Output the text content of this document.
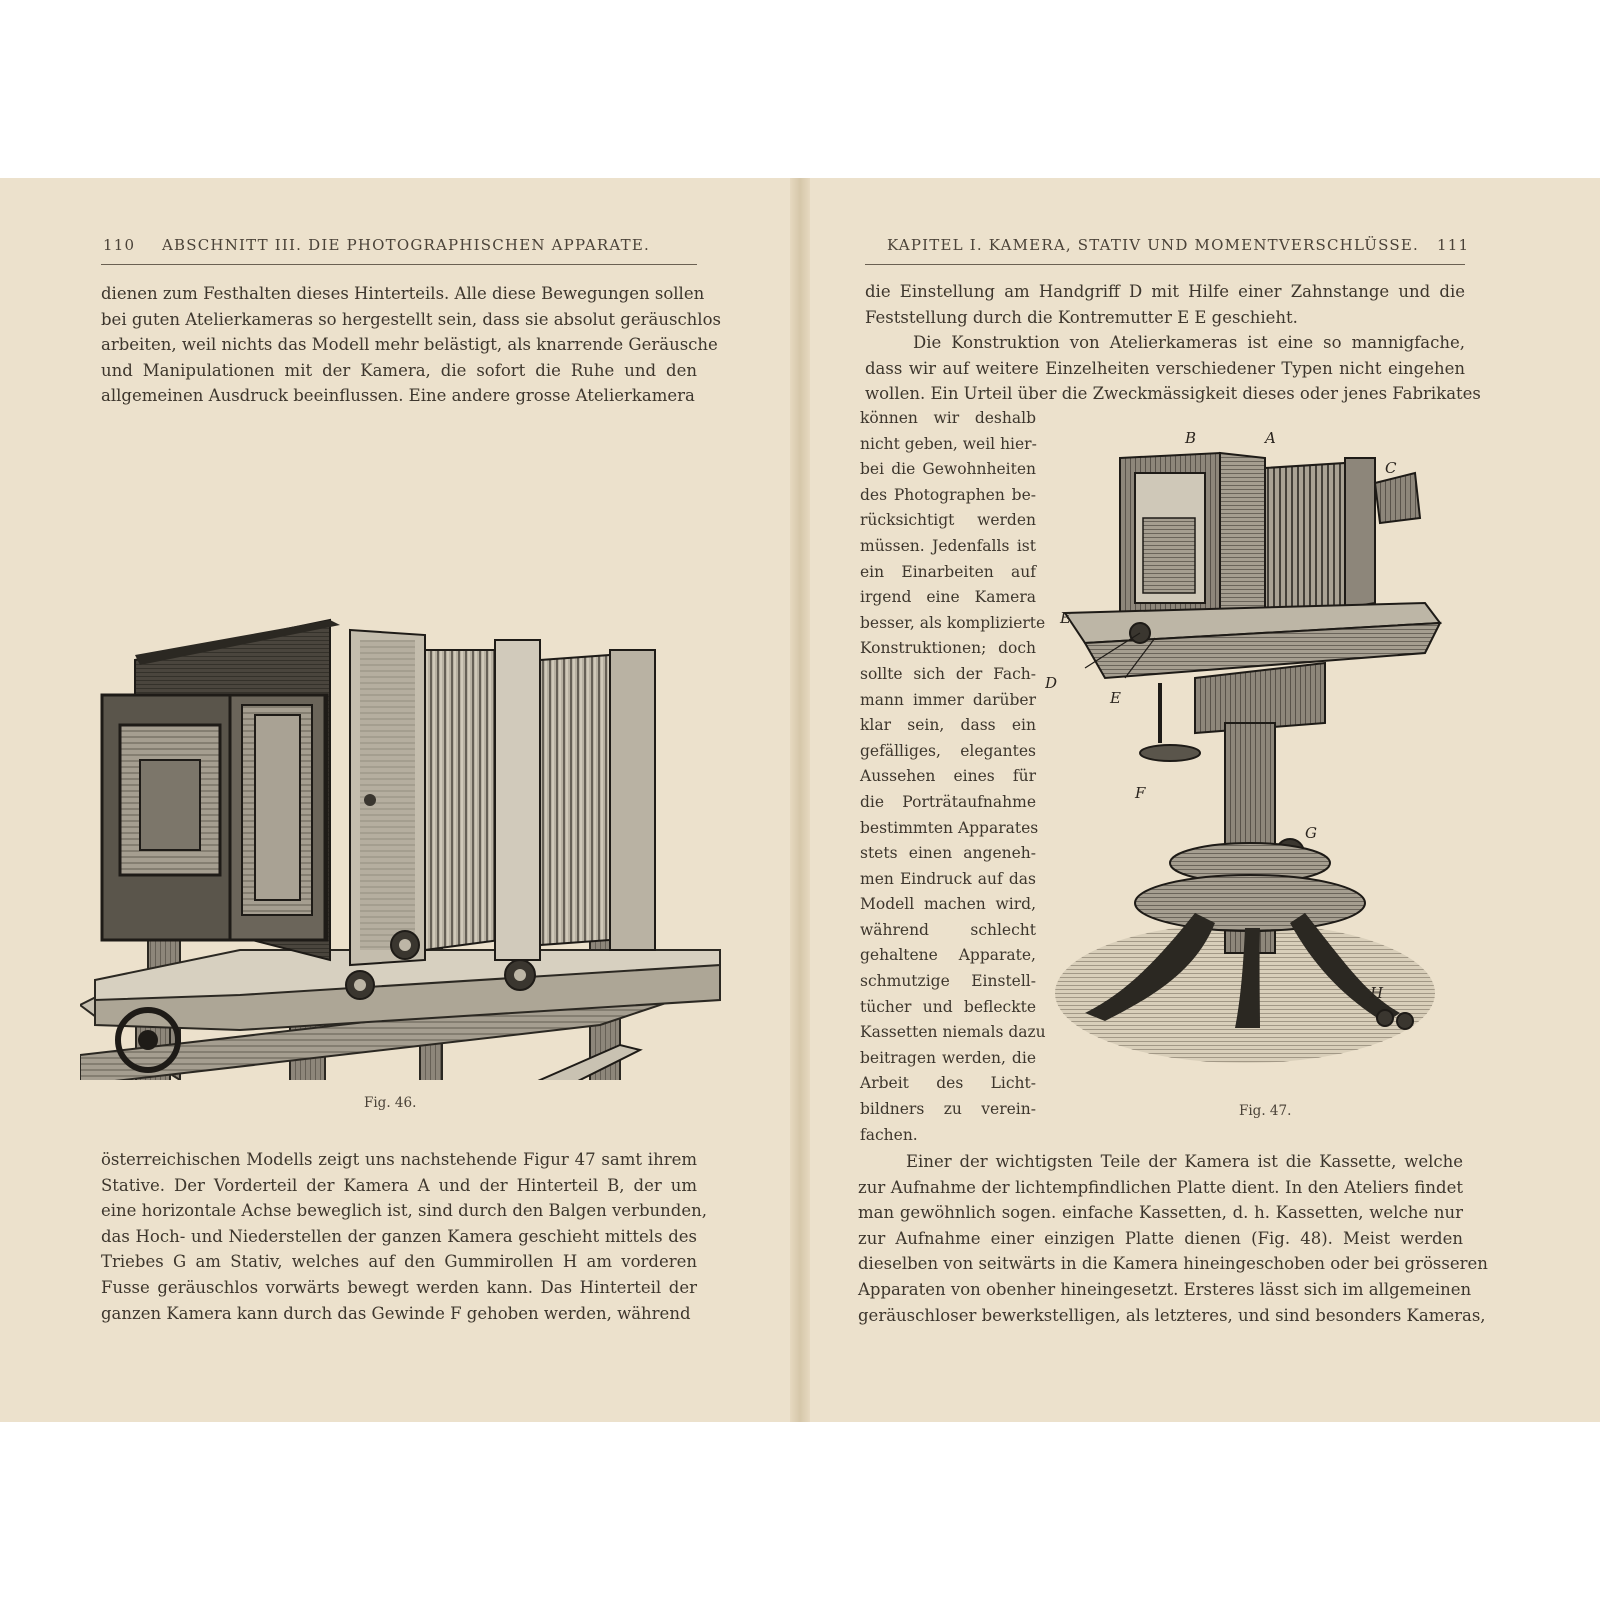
110 ABSCHNITT III. DIE PHOTOGRAPHISCHEN APPARATE.
dienen zum Festhalten dieses Hinterteils. Alle diese Bewegungen sollen
bei guten Atelierkameras so hergestellt sein, dass sie absolut geräuschlos
arbeiten, weil nichts das Modell mehr belästigt, als knarrende Geräusche
und Manipulationen mit der Kamera, die sofort die Ruhe und den
allgemeinen Ausdruck beeinflussen. Eine andere grosse Atelierkamera
Fig. 46.
österreichischen Modells zeigt uns nachstehende Figur 47 samt ihrem
Stative. Der Vorderteil der Kamera A und der Hinterteil B, der um
eine horizontale Achse beweglich ist, sind durch den Balgen verbunden,
das Hoch- und Niederstellen der ganzen Kamera geschieht mittels des
Triebes G am Stativ, welches auf den Gummirollen H am vorderen
Fusse geräuschlos vorwärts bewegt werden kann. Das Hinterteil der
ganzen Kamera kann durch das Gewinde F gehoben werden, während
KAPITEL I. KAMERA, STATIV UND MOMENTVERSCHLÜSSE. 111
die Einstellung am Handgriff D mit Hilfe einer Zahnstange und die
Feststellung durch die Kontremutter E E geschieht.
Die Konstruktion von Atelierkameras ist eine so mannigfache,
dass wir auf weitere Einzelheiten verschiedener Typen nicht eingehen
wollen. Ein Urteil über die Zweckmässigkeit dieses oder jenes Fabrikates
können wir deshalb
nicht geben, weil hier-
bei die Gewohnheiten
des Photographen be-
rücksichtigt werden
müssen. Jedenfalls ist
ein Einarbeiten auf
irgend eine Kamera
besser, als komplizierte
Konstruktionen; doch
sollte sich der Fach-
mann immer darüber
klar sein, dass ein
gefälliges, elegantes
Aussehen eines für
die Porträtaufnahme
bestimmten Apparates
stets einen angeneh-
men Eindruck auf das
Modell machen wird,
während schlecht
gehaltene Apparate,
schmutzige Einstell-
tücher und befleckte
Kassetten niemals dazu
beitragen werden, die
Arbeit des Licht-
bildners zu verein-
fachen.
B	A
C
E
D
E
F
G
H
Fig. 47.
Einer der wichtigsten Teile der Kamera ist die Kassette, welche
zur Aufnahme der lichtempfindlichen Platte dient. In den Ateliers findet
man gewöhnlich sogen. einfache Kassetten, d. h. Kassetten, welche nur
zur Aufnahme einer einzigen Platte dienen (Fig. 48). Meist werden
dieselben von seitwärts in die Kamera hineingeschoben oder bei grösseren
Apparaten von obenher hineingesetzt. Ersteres lässt sich im allgemeinen
geräuschloser bewerkstelligen, als letzteres, und sind besonders Kameras,
